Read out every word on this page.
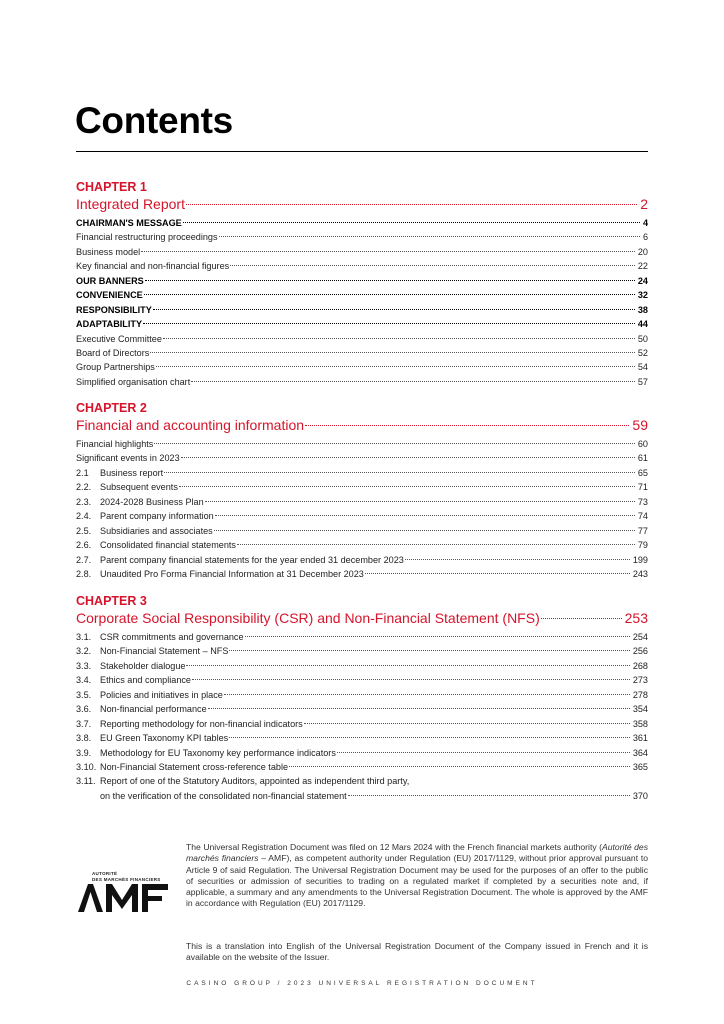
Contents
CHAPTER 1
Integrated Report	2
CHAIRMAN'S MESSAGE	4
Financial restructuring proceedings	6
Business model	20
Key financial and non-financial figures	22
OUR BANNERS	24
CONVENIENCE	32
RESPONSIBILITY	38
ADAPTABILITY	44
Executive Committee	50
Board of Directors	52
Group Partnerships	54
Simplified organisation chart	57
CHAPTER 2
Financial and accounting information	59
Financial highlights	60
Significant events in 2023	61
2.1	Business report	65
2.2. Subsequent events	71
2.3. 2024-2028 Business Plan	73
2.4. Parent company information	74
2.5. Subsidiaries and associates	77
2.6. Consolidated financial statements	79
2.7. Parent company financial statements for the year ended 31 december 2023	199
2.8. Unaudited Pro Forma Financial Information at 31 December 2023	243
CHAPTER 3
Corporate Social Responsibility (CSR) and Non-Financial Statement (NFS)	253
3.1. CSR commitments and governance	254
3.2. Non-Financial Statement – NFS	256
3.3. Stakeholder dialogue	268
3.4. Ethics and compliance	273
3.5. Policies and initiatives in place	278
3.6. Non-financial performance	354
3.7. Reporting methodology for non-financial indicators	358
3.8. EU Green Taxonomy KPI tables	361
3.9. Methodology for EU Taxonomy key performance indicators	364
3.10. Non-Financial Statement cross-reference table	365
3.11. Report of one of the Statutory Auditors, appointed as independent third party,
on the verification of the consolidated non-financial statement	370
AUTORITÉ
DES MARCHÉS FINANCIERS

The Universal Registration Document was filed on 12 Mars 2024 with the French financial markets authority (Autorité des marchés financiers – AMF), as competent authority under Regulation (EU) 2017/1129, without prior approval pursuant to Article 9 of said Regulation. The Universal Registration Document may be used for the purposes of an offer to the public of securities or admission of securities to trading on a regulated market if completed by a securities note and, if applicable, a summary and any amendments to the Universal Registration Document. The whole is approved by the AMF in accordance with Regulation (EU) 2017/1129.

This is a translation into English of the Universal Registration Document of the Company issued in French and it is available on the website of the Issuer.

CASINO GROUP / 2023 UNIVERSAL REGISTRATION DOCUMENT
